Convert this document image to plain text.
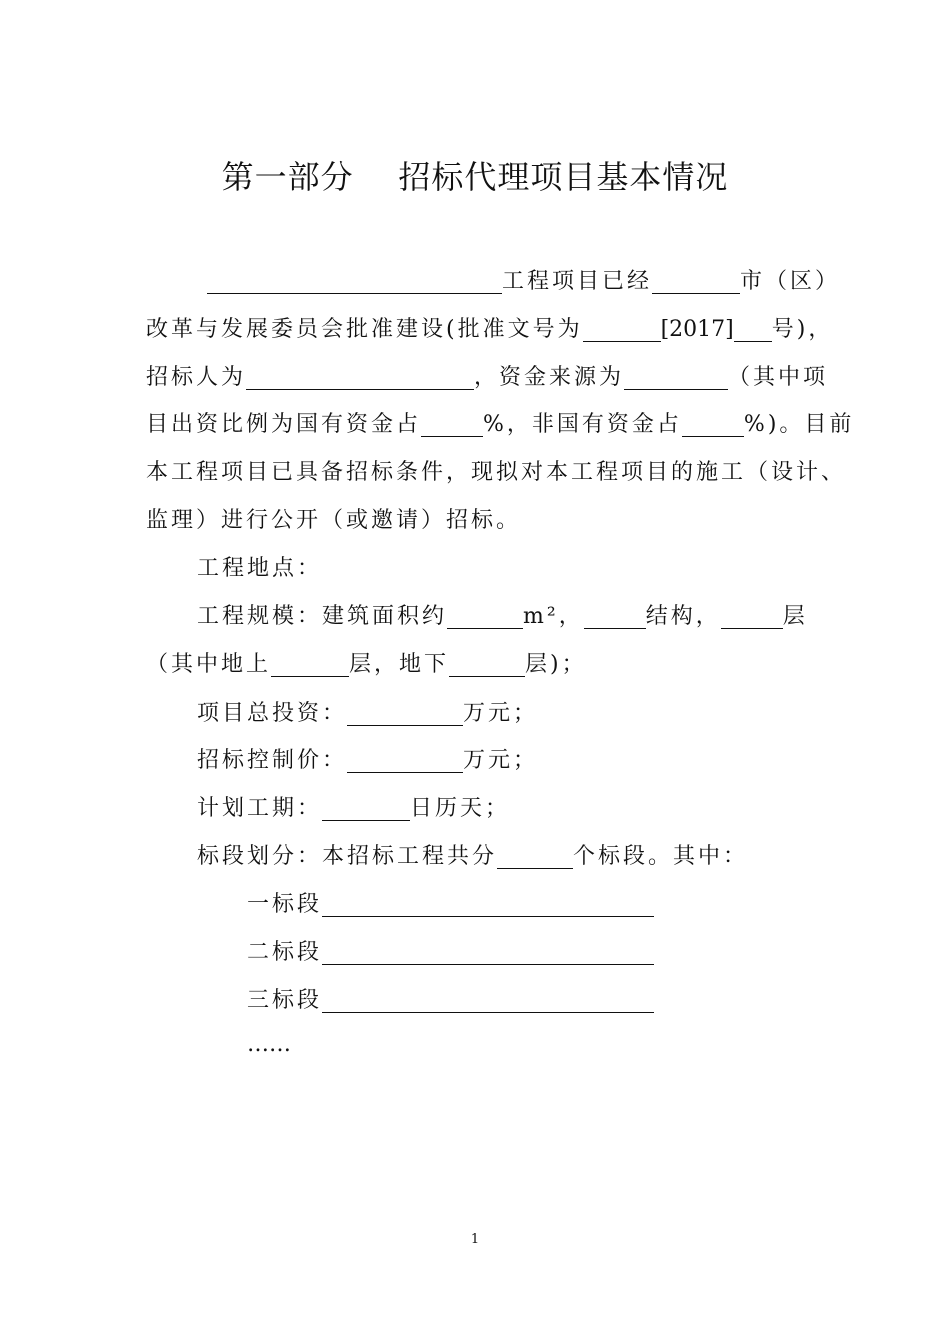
第一部分    招标代理项目基本情况
工程项目已经	市（区）
改革与发展委员会批准建设(批准文号为	[2017] 号)，
招标人为	，资金来源为	（其中项
目出资比例为国有资金占	%，非国有资金占	%)。目前
本工程项目已具备招标条件，现拟对本工程项目的施工（设计、
监理）进行公开（或邀请）招标。
工程地点：
工程规模：建筑面积约	m²，	结构，	层
（其中地上	层，地下	层)；
项目总投资：	万元；
招标控制价：	万元；
计划工期：	日历天；
标段划分：本招标工程共分	个标段。其中：
一标段
二标段
三标段
……
1
